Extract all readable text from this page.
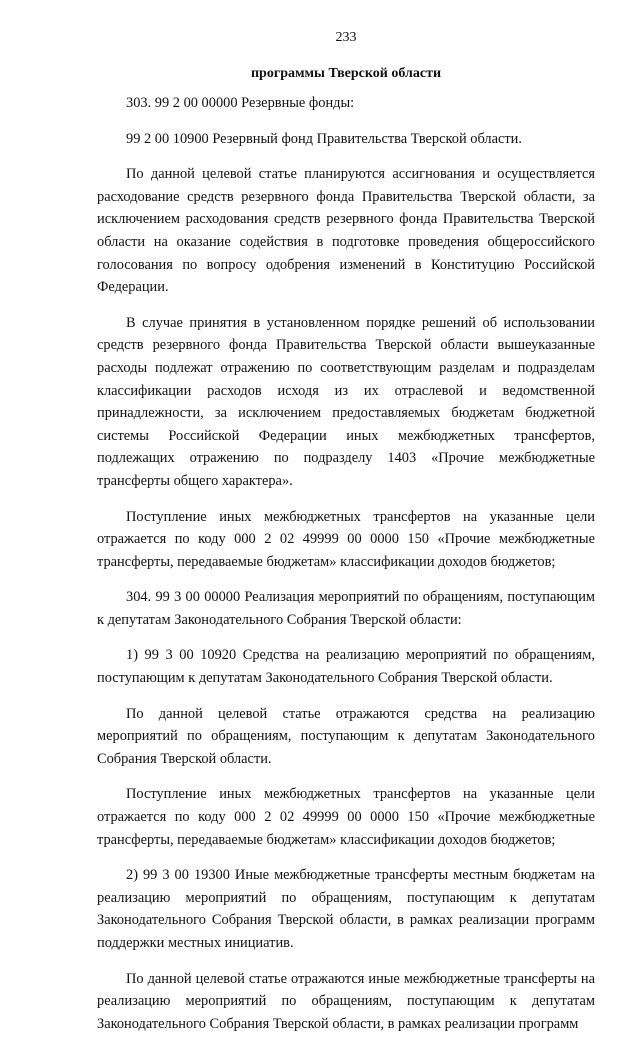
233
программы Тверской области

303. 99 2 00 00000 Резервные фонды:

99 2 00 10900 Резервный фонд Правительства Тверской области.

По данной целевой статье планируются ассигнования и осуществляется расходование средств резервного фонда Правительства Тверской области, за исключением расходования средств резервного фонда Правительства Тверской области на оказание содействия в подготовке проведения общероссийского голосования по вопросу одобрения изменений в Конституцию Российской Федерации.

В случае принятия в установленном порядке решений об использовании средств резервного фонда Правительства Тверской области вышеуказанные расходы подлежат отражению по соответствующим разделам и подразделам классификации расходов исходя из их отраслевой и ведомственной принадлежности, за исключением предоставляемых бюджетам бюджетной системы Российской Федерации иных межбюджетных трансфертов, подлежащих отражению по подразделу 1403 «Прочие межбюджетные трансферты общего характера».

Поступление иных межбюджетных трансфертов на указанные цели отражается по коду 000 2 02 49999 00 0000 150 «Прочие межбюджетные трансферты, передаваемые бюджетам» классификации доходов бюджетов;

304. 99 3 00 00000 Реализация мероприятий по обращениям, поступающим к депутатам Законодательного Собрания Тверской области:

1) 99 3 00 10920 Средства на реализацию мероприятий по обращениям, поступающим к депутатам Законодательного Собрания Тверской области.

По данной целевой статье отражаются средства на реализацию мероприятий по обращениям, поступающим к депутатам Законодательного Собрания Тверской области.

Поступление иных межбюджетных трансфертов на указанные цели отражается по коду 000 2 02 49999 00 0000 150 «Прочие межбюджетные трансферты, передаваемые бюджетам» классификации доходов бюджетов;

2) 99 3 00 19300 Иные межбюджетные трансферты местным бюджетам на реализацию мероприятий по обращениям, поступающим к депутатам Законодательного Собрания Тверской области, в рамках реализации программ поддержки местных инициатив.

По данной целевой статье отражаются иные межбюджетные трансферты на реализацию мероприятий по обращениям, поступающим к депутатам Законодательного Собрания Тверской области, в рамках реализации программ
